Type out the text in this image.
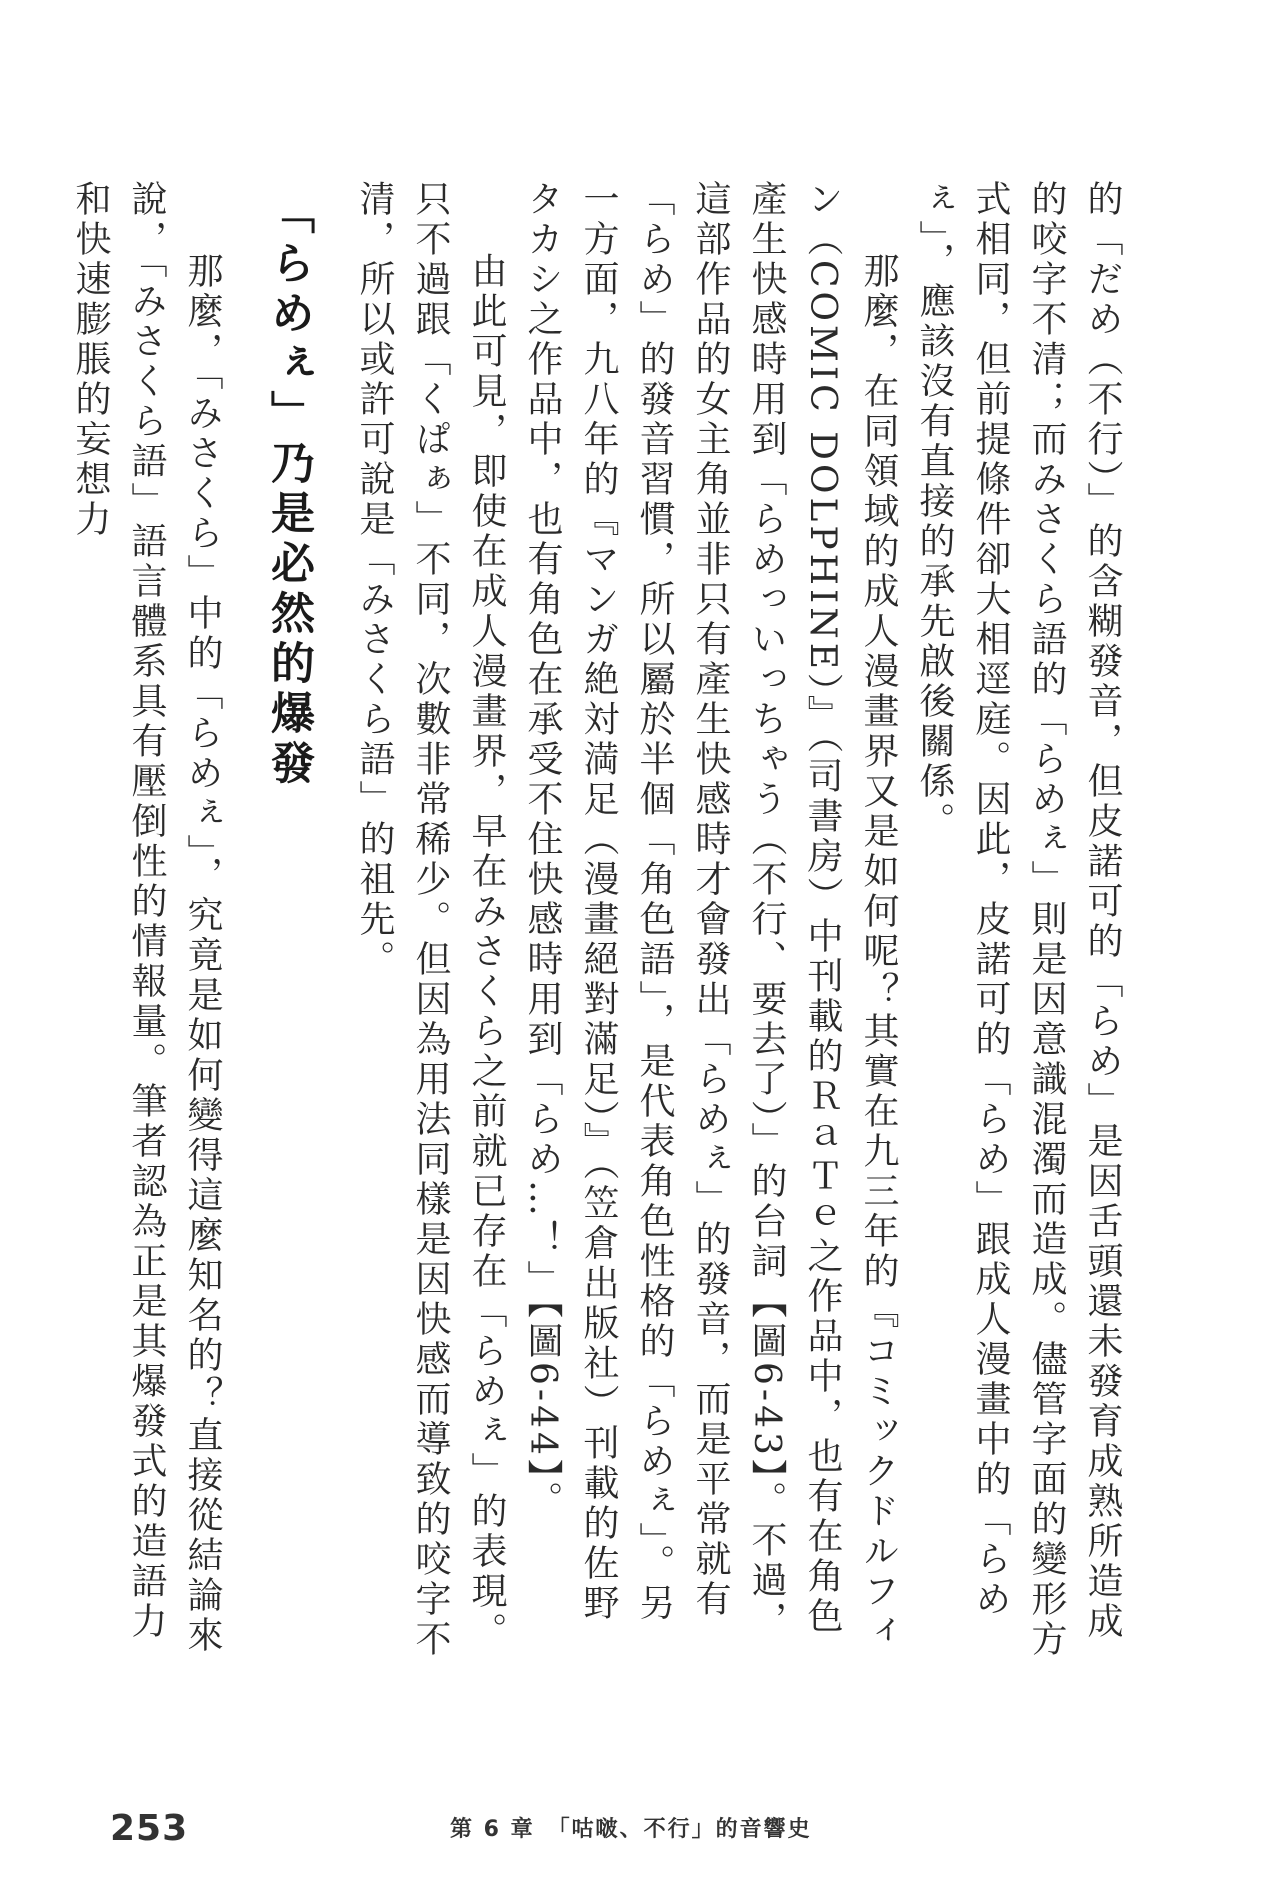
的「だめ（不行）」的含糊發音，但皮諾可的「らめ」是因舌頭還未發育成熟所造成的咬字不清；而みさくら語的「らめぇ」則是因意識混濁而造成。儘管字面的變形方式相同，但前提條件卻大相逕庭。因此，皮諾可的「らめ」跟成人漫畫中的「らめぇ」，應該沒有直接的承先啟後關係。

那麼，在同領域的成人漫畫界又是如何呢？其實在九三年的『コミックドルフィン（COMIC DOLPHINE）』（司書房）中刊載的ＲａＴｅ之作品中，也有在角色產生快感時用到「らめっいっちゃう（不行、要去了）」的台詞【圖6-43】。不過，這部作品的女主角並非只有產生快感時才會發出「らめぇ」的發音，而是平常就有「らめ」的發音習慣，所以屬於半個「角色語」，是代表角色性格的「らめぇ」。另一方面，九八年的『マンガ絶対満足（漫畫絕對滿足）』（笠倉出版社）刊載的佐野タカシ之作品中，也有角色在承受不住快感時用到「らめ…！」【圖6-44】。

由此可見，即使在成人漫畫界，早在みさくら之前就已存在「らめぇ」的表現。只不過跟「くぱぁ」不同，次數非常稀少。但因為用法同樣是因快感而導致的咬字不清，所以或許可說是「みさくら語」的祖先。

「らめぇ」乃是必然的爆發

那麼，「みさくら」中的「らめぇ」，究竟是如何變得這麼知名的？直接從結論來說，「みさくら語」語言體系具有壓倒性的情報量。筆者認為正是其爆發式的造語力和快速膨脹的妄想力

253	第 6 章　「咕啵、不行」的音響史
